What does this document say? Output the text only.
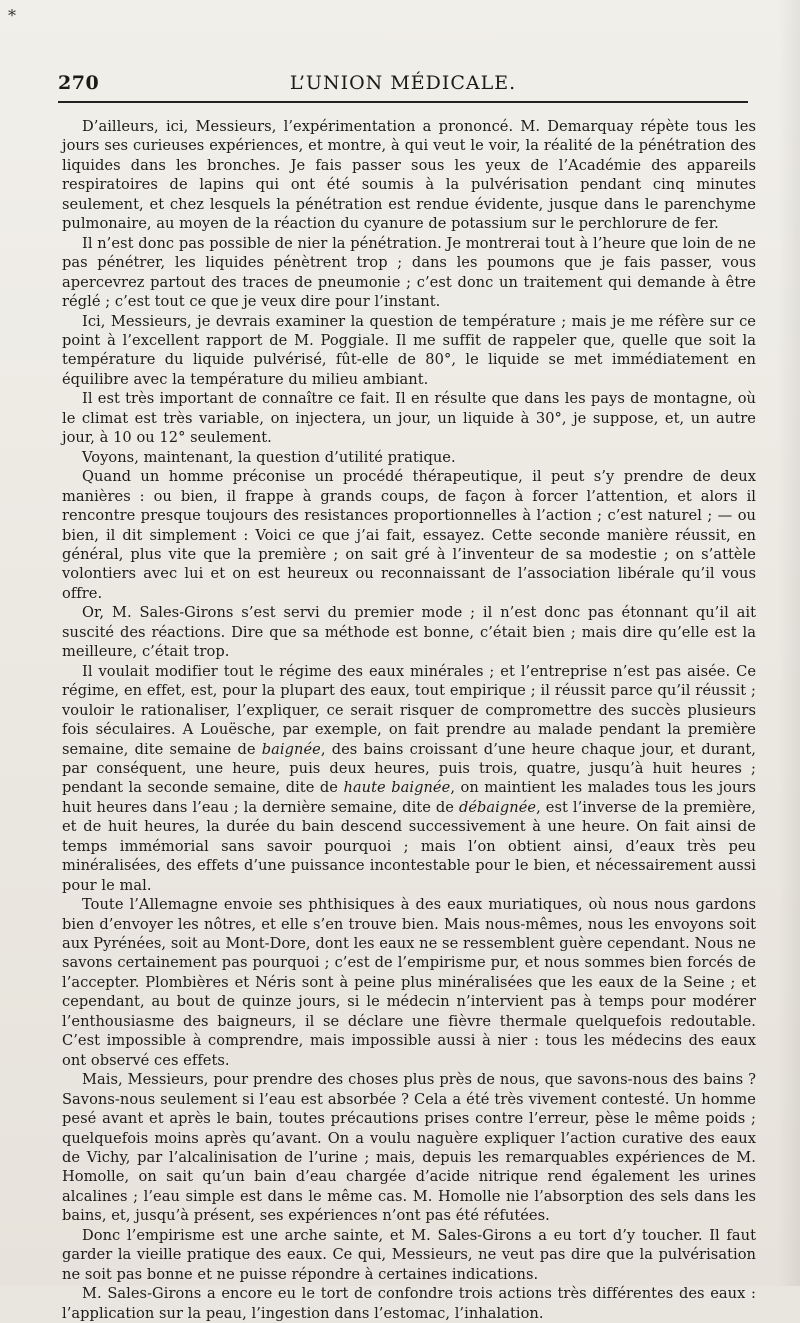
*
270	L’UNION MÉDICALE.

D’ailleurs, ici, Messieurs, l’expérimentation a prononcé. M. Demarquay répète tous les jours ses curieuses expériences, et montre, à qui veut le voir, la réalité de la pénétration des liquides dans les bronches. Je fais passer sous les yeux de l’Académie des appareils respiratoires de lapins qui ont été soumis à la pulvérisation pendant cinq minutes seulement, et chez lesquels la pénétration est rendue évidente, jusque dans le parenchyme pulmonaire, au moyen de la réaction du cyanure de potassium sur le perchlorure de fer.

Il n’est donc pas possible de nier la pénétration. Je montrerai tout à l’heure que loin de ne pas pénétrer, les liquides pénètrent trop ; dans les poumons que je fais passer, vous apercevrez partout des traces de pneumonie ; c’est donc un traitement qui demande à être réglé ; c’est tout ce que je veux dire pour l’instant.

Ici, Messieurs, je devrais examiner la question de température ; mais je me réfère sur ce point à l’excellent rapport de M. Poggiale. Il me suffit de rappeler que, quelle que soit la température du liquide pulvérisé, fût-elle de 80°, le liquide se met immédiatement en équilibre avec la température du milieu ambiant.

Il est très important de connaître ce fait. Il en résulte que dans les pays de montagne, où le climat est très variable, on injectera, un jour, un liquide à 30°, je suppose, et, un autre jour, à 10 ou 12° seulement.

Voyons, maintenant, la question d’utilité pratique.

Quand un homme préconise un procédé thérapeutique, il peut s’y prendre de deux manières : ou bien, il frappe à grands coups, de façon à forcer l’attention, et alors il rencontre presque toujours des resistances proportionnelles à l’action ; c’est naturel ; — ou bien, il dit simplement : Voici ce que j’ai fait, essayez. Cette seconde manière réussit, en général, plus vite que la première ; on sait gré à l’inventeur de sa modestie ; on s’attèle volontiers avec lui et on est heureux ou reconnaissant de l’association libérale qu’il vous offre.

Or, M. Sales-Girons s’est servi du premier mode ; il n’est donc pas étonnant qu’il ait suscité des réactions. Dire que sa méthode est bonne, c’était bien ; mais dire qu’elle est la meilleure, c’était trop.

Il voulait modifier tout le régime des eaux minérales ; et l’entreprise n’est pas aisée. Ce régime, en effet, est, pour la plupart des eaux, tout empirique ; il réussit parce qu’il réussit ; vouloir le rationaliser, l’expliquer, ce serait risquer de compromettre des succès plusieurs fois séculaires. A Louësche, par exemple, on fait prendre au malade pendant la première semaine, dite semaine de baignée, des bains croissant d’une heure chaque jour, et durant, par conséquent, une heure, puis deux heures, puis trois, quatre, jusqu’à huit heures ; pendant la seconde semaine, dite de haute baignée, on maintient les malades tous les jours huit heures dans l’eau ; la dernière semaine, dite de débaignée, est l’inverse de la première, et de huit heures, la durée du bain descend successivement à une heure. On fait ainsi de temps immémorial sans savoir pourquoi ; mais l’on obtient ainsi, d’eaux très peu minéralisées, des effets d’une puissance incontestable pour le bien, et nécessairement aussi pour le mal.

Toute l’Allemagne envoie ses phthisiques à des eaux muriatiques, où nous nous gardons bien d’envoyer les nôtres, et elle s’en trouve bien. Mais nous-mêmes, nous les envoyons soit aux Pyrénées, soit au Mont-Dore, dont les eaux ne se ressemblent guère cependant. Nous ne savons certainement pas pourquoi ; c’est de l’empirisme pur, et nous sommes bien forcés de l’accepter. Plombières et Néris sont à peine plus minéralisées que les eaux de la Seine ; et cependant, au bout de quinze jours, si le médecin n’intervient pas à temps pour modérer l’enthousiasme des baigneurs, il se déclare une fièvre thermale quelquefois redoutable. C’est impossible à comprendre, mais impossible aussi à nier : tous les médecins des eaux ont observé ces effets.

Mais, Messieurs, pour prendre des choses plus près de nous, que savons-nous des bains ? Savons-nous seulement si l’eau est absorbée ? Cela a été très vivement contesté. Un homme pesé avant et après le bain, toutes précautions prises contre l’erreur, pèse le même poids ; quelquefois moins après qu’avant. On a voulu naguère expliquer l’action curative des eaux de Vichy, par l’alcalinisation de l’urine ; mais, depuis les remarquables expériences de M. Homolle, on sait qu’un bain d’eau chargée d’acide nitrique rend également les urines alcalines ; l’eau simple est dans le même cas. M. Homolle nie l’absorption des sels dans les bains, et, jusqu’à présent, ses expériences n’ont pas été réfutées.

Donc l’empirisme est une arche sainte, et M. Sales-Girons a eu tort d’y toucher. Il faut garder la vieille pratique des eaux. Ce qui, Messieurs, ne veut pas dire que la pulvérisation ne soit pas bonne et ne puisse répondre à certaines indications.

M. Sales-Girons a encore eu le tort de confondre trois actions très différentes des eaux : l’application sur la peau, l’ingestion dans l’estomac, l’inhalation.
